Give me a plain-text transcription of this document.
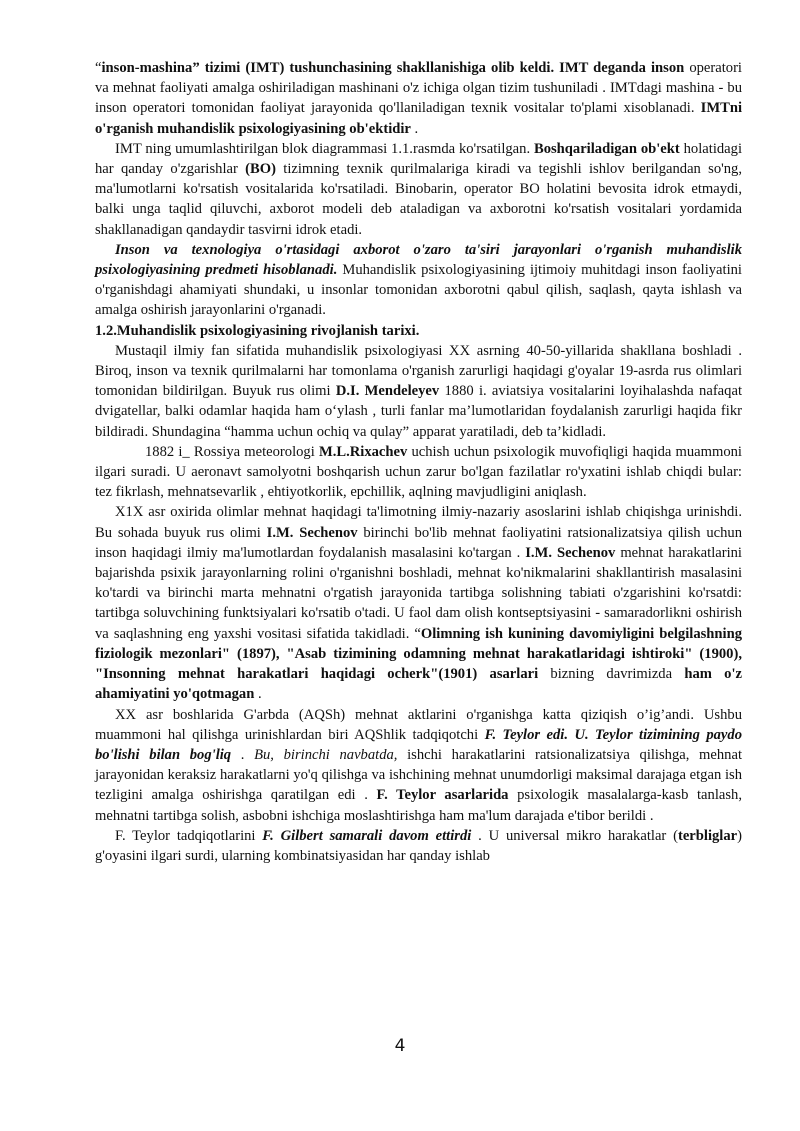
“inson-mashina” tizimi (IMT) tushunchasining shakllanishiga olib keldi. IMT deganda inson operatori va mehnat faoliyati amalga oshiriladigan mashinani o'z ichiga olgan tizim tushuniladi . IMTdagi mashina - bu inson operatori tomonidan faoliyat jarayonida qo'llaniladigan texnik vositalar to'plami xisoblanadi. IMTni o'rganish muhandislik psixologiyasining ob'ektidir .

IMT ning umumlashtirilgan blok diagrammasi 1.1.rasmda ko'rsatilgan. Boshqariladigan ob'ekt holatidagi har qanday o'zgarishlar (BO) tizimning texnik qurilmalariga kiradi va tegishli ishlov berilgandan so'ng, ma'lumotlarni ko'rsatish vositalarida ko'rsatiladi. Binobarin, operator BO holatini bevosita idrok etmaydi, balki unga taqlid qiluvchi, axborot modeli deb ataladigan va axborotni ko'rsatish vositalari yordamida shakllanadigan qandaydir tasvirni idrok etadi.

Inson va texnologiya o'rtasidagi axborot o'zaro ta'siri jarayonlari o'rganish muhandislik psixologiyasining predmeti hisoblanadi. Muhandislik psixologiyasining ijtimoiy muhitdagi inson faoliyatini o'rganishdagi ahamiyati shundaki, u insonlar tomonidan axborotni qabul qilish, saqlash, qayta ishlash va amalga oshirish jarayonlarini o'rganadi.

1.2.Muhandislik psixologiyasining rivojlanish tarixi.

Mustaqil ilmiy fan sifatida muhandislik psixologiyasi XX asrning 40-50-yillarida shakllana boshladi . Biroq, inson va texnik qurilmalarni har tomonlama o'rganish zarurligi haqidagi g'oyalar 19-asrda rus olimlari tomonidan bildirilgan. Buyuk rus olimi D.I. Mendeleyev 1880 i. aviatsiya vositalarini loyihalashda nafaqat dvigatellar, balki odamlar haqida ham o‘ylash , turli fanlar ma’lumotlaridan foydalanish zarurligi haqida fikr bildiradi. Shundagina “hamma uchun ochiq va qulay” apparat yaratiladi, deb ta’kidladi.

1882 i_ Rossiya meteorologi M.L.Rixachev uchish uchun psixologik muvofiqligi haqida muammoni ilgari suradi. U aeronavt samolyotni boshqarish uchun zarur bo'lgan fazilatlar ro'yxatini ishlab chiqdi bular: tez fikrlash, mehnatsevarlik , ehtiyotkorlik, epchillik, aqlning mavjudligini aniqlash.

X1X asr oxirida olimlar mehnat haqidagi ta'limotning ilmiy-nazariy asoslarini ishlab chiqishga urinishdi. Bu sohada buyuk rus olimi I.M. Sechenov birinchi bo'lib mehnat faoliyatini ratsionalizatsiya qilish uchun inson haqidagi ilmiy ma'lumotlardan foydalanish masalasini ko'targan . I.M. Sechenov mehnat harakatlarini bajarishda psixik jarayonlarning rolini o'rganishni boshladi, mehnat ko'nikmalarini shakllantirish masalasini ko'tardi va birinchi marta mehnatni o'rgatish jarayonida tartibga solishning tabiati o'zgarishini ko'rsatdi: tartibga soluvchining funktsiyalari ko'rsatib o'tadi. U faol dam olish kontseptsiyasini - samaradorlikni oshirish va saqlashning eng yaxshi vositasi sifatida takidladi. “Olimning ish kunining davomiyligini belgilashning fiziologik mezonlari" (1897), "Asab tizimining odamning mehnat harakatlaridagi ishtiroki" (1900), "Insonning mehnat harakatlari haqidagi ocherk"(1901) asarlari bizning davrimizda ham o'z ahamiyatini yo'qotmagan .

XX asr boshlarida G'arbda (AQSh) mehnat aktlarini o'rganishga katta qiziqish o’ig’andi. Ushbu muammoni hal qilishga urinishlardan biri AQShlik tadqiqotchi F. Teylor edi. U. Teylor tizimining paydo bo'lishi bilan bog'liq . Bu, birinchi navbatda, ishchi harakatlarini ratsionalizatsiya qilishga, mehnat jarayonidan keraksiz harakatlarni yo'q qilishga va ishchining mehnat unumdorligi maksimal darajaga etgan ish tezligini amalga oshirishga qaratilgan edi . F. Teylor asarlarida psixologik masalalarga-kasb tanlash, mehnatni tartibga solish, asbobni ishchiga moslashtirishga ham ma'lum darajada e'tibor berildi .

F. Teylor tadqiqotlarini F. Gilbert samarali davom ettirdi . U universal mikro harakatlar (terbliglar) g'oyasini ilgari surdi, ularning kombinatsiyasidan har qanday ishlab

4
